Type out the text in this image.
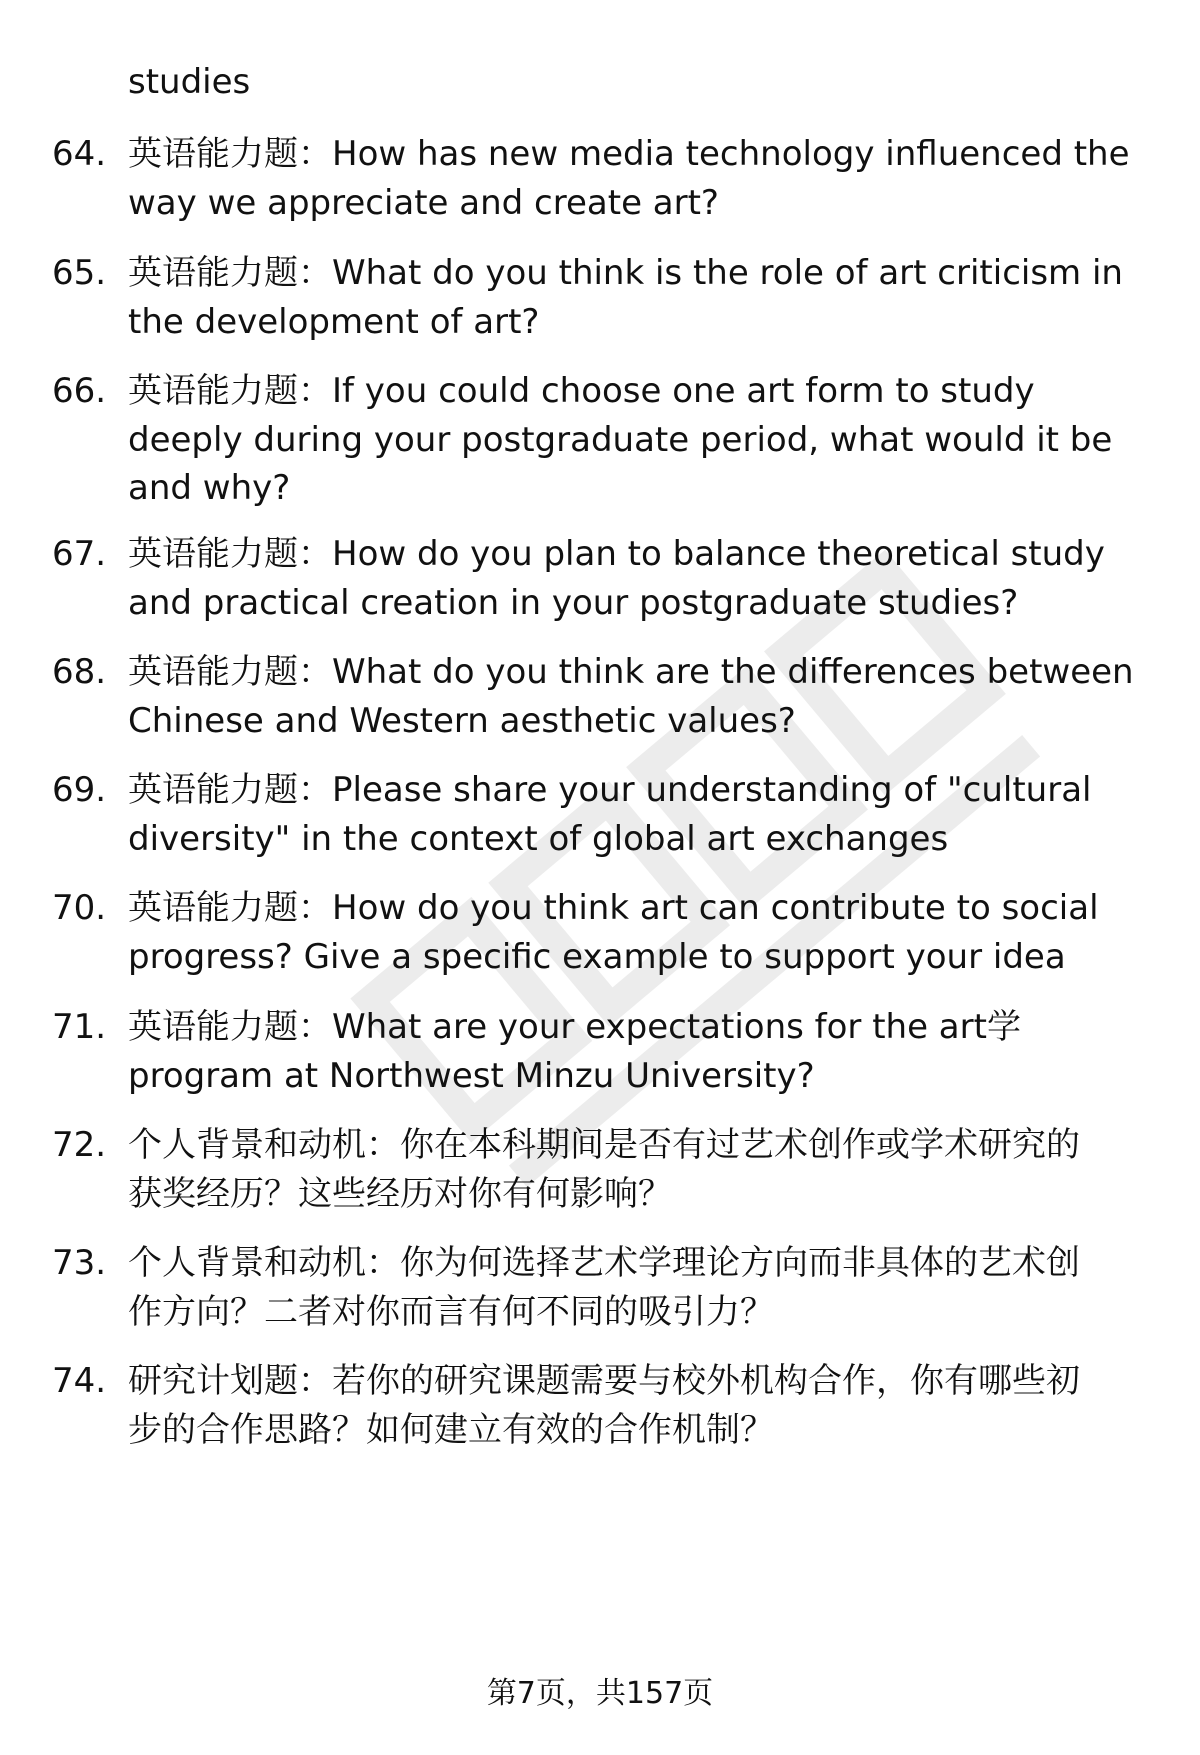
studies

64. 英语能力题：How has new media technology influenced the
way we appreciate and create art?
65. 英语能力题：What do you think is the role of art criticism in
the development of art?
66. 英语能力题：If you could choose one art form to study
deeply during your postgraduate period, what would it be
and why?
67. 英语能力题：How do you plan to balance theoretical study
and practical creation in your postgraduate studies?
68. 英语能力题：What do you think are the differences between
Chinese and Western aesthetic values?
69. 英语能力题：Please share your understanding of "cultural
diversity" in the context of global art exchanges
70. 英语能力题：How do you think art can contribute to social
progress? Give a specific example to support your idea
71. 英语能力题：What are your expectations for the art学
program at Northwest Minzu University?
72. 个人背景和动机：你在本科期间是否有过艺术创作或学术研究的
获奖经历？这些经历对你有何影响？
73. 个人背景和动机：你为何选择艺术学理论方向而非具体的艺术创
作方向？二者对你而言有何不同的吸引力？
74. 研究计划题：若你的研究课题需要与校外机构合作，你有哪些初
步的合作思路？如何建立有效的合作机制？
第7页，共157页
